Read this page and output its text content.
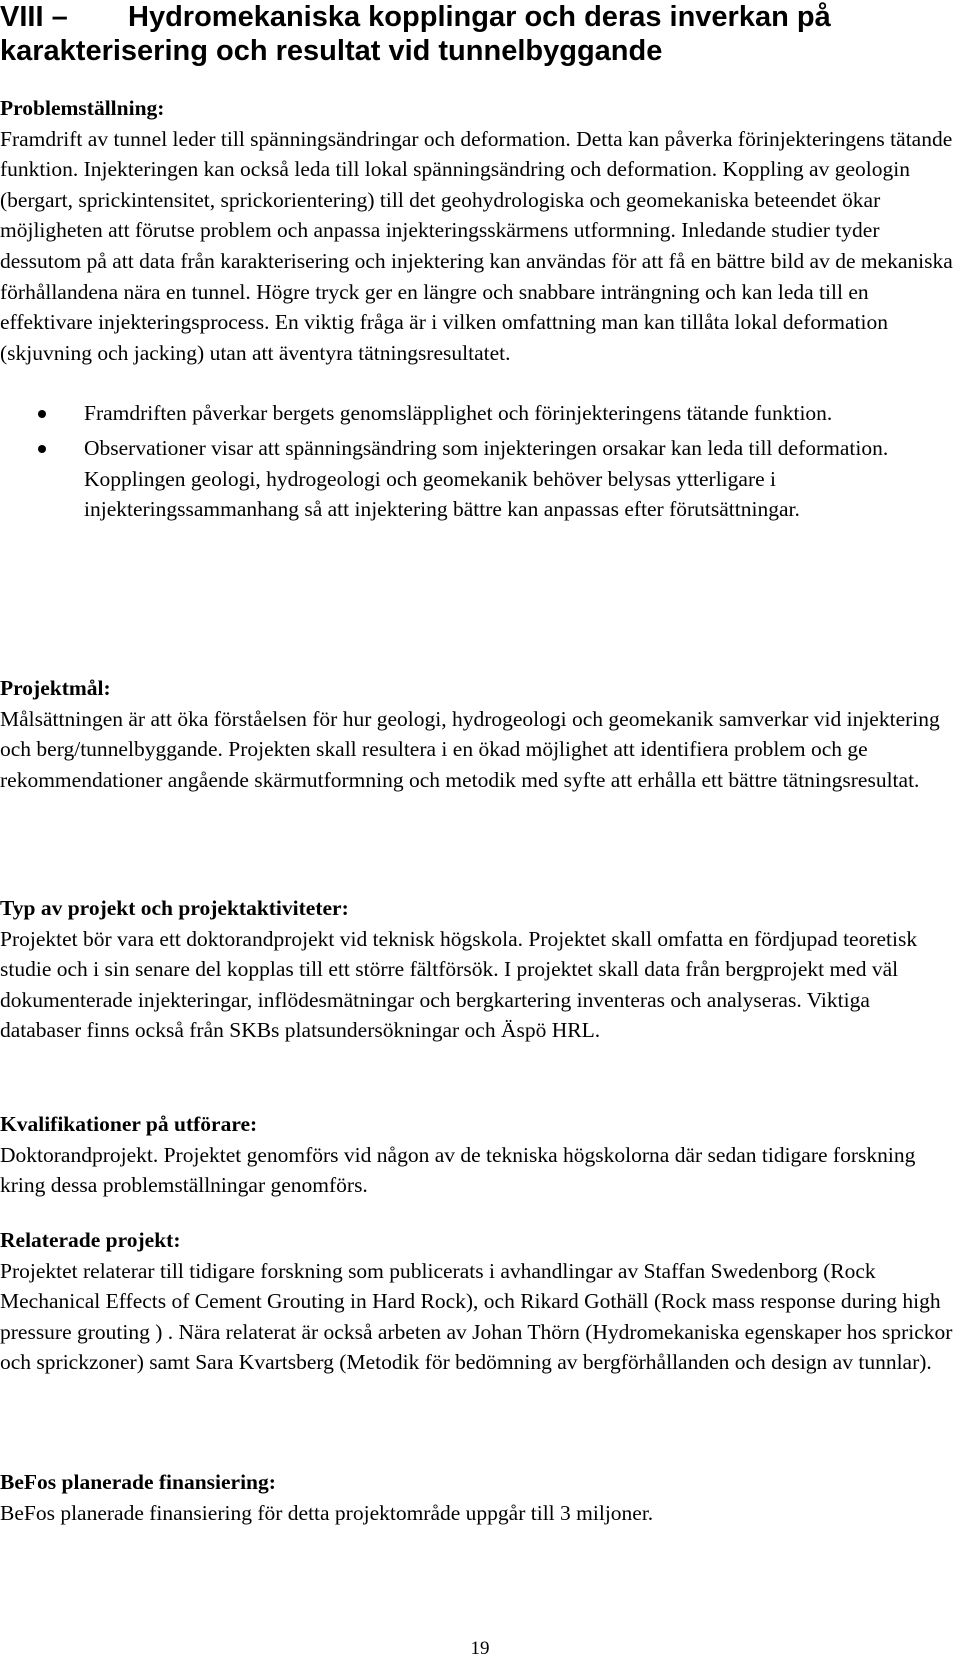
VIII – Hydromekaniska kopplingar och deras inverkan på karakterisering och resultat vid tunnelbyggande
Problemställning:

Framdrift av tunnel leder till spänningsändringar och deformation. Detta kan påverka förinjekteringens tätande funktion. Injekteringen kan också leda till lokal spänningsändring och deformation. Koppling av geologin (bergart, sprickintensitet, sprickorientering) till det geohydrologiska och geomekaniska beteendet ökar möjligheten att förutse problem och anpassa injekteringsskärmens utformning. Inledande studier tyder dessutom på att data från karakterisering och injektering kan användas för att få en bättre bild av de mekaniska förhållandena nära en tunnel. Högre tryck ger en längre och snabbare inträngning och kan leda till en effektivare injekteringsprocess. En viktig fråga är i vilken omfattning man kan tillåta lokal deformation (skjuvning och jacking) utan att äventyra tätningsresultatet.

Framdriften påverkar bergets genomsläpplighet och förinjekteringens tätande funktion.
Observationer visar att spänningsändring som injekteringen orsakar kan leda till deformation. Kopplingen geologi, hydrogeologi och geomekanik behöver belysas ytterligare i injekteringssammanhang så att injektering bättre kan anpassas efter förutsättningar.
Projektmål:

Målsättningen är att öka förståelsen för hur geologi, hydrogeologi och geomekanik samverkar vid injektering och berg/tunnelbyggande. Projekten skall resultera i en ökad möjlighet att identifiera problem och ge rekommendationer angående skärmutformning och metodik med syfte att erhålla ett bättre tätningsresultat.

Typ av projekt och projektaktiviteter:

Projektet bör vara ett doktorandprojekt vid teknisk högskola. Projektet skall omfatta en fördjupad teoretisk studie och i sin senare del kopplas till ett större fältförsök. I projektet skall data från bergprojekt med väl dokumenterade injekteringar, inflödesmätningar och bergkartering inventeras och analyseras. Viktiga databaser finns också från SKBs platsundersökningar och Äspö HRL.

Kvalifikationer på utförare:

Doktorandprojekt. Projektet genomförs vid någon av de tekniska högskolorna där sedan tidigare forskning kring dessa problemställningar genomförs.

Relaterade projekt:

Projektet relaterar till tidigare forskning som publicerats i avhandlingar av Staffan Swedenborg (Rock Mechanical Effects of Cement Grouting in Hard Rock), och Rikard Gothäll (Rock mass response during high pressure grouting ) . Nära relaterat är också arbeten av Johan Thörn (Hydromekaniska egenskaper hos sprickor och sprickzoner) samt Sara Kvartsberg (Metodik för bedömning av bergförhållanden och design av tunnlar).

BeFos planerade finansiering:

BeFos planerade finansiering för detta projektområde uppgår till 3 miljoner.

19
